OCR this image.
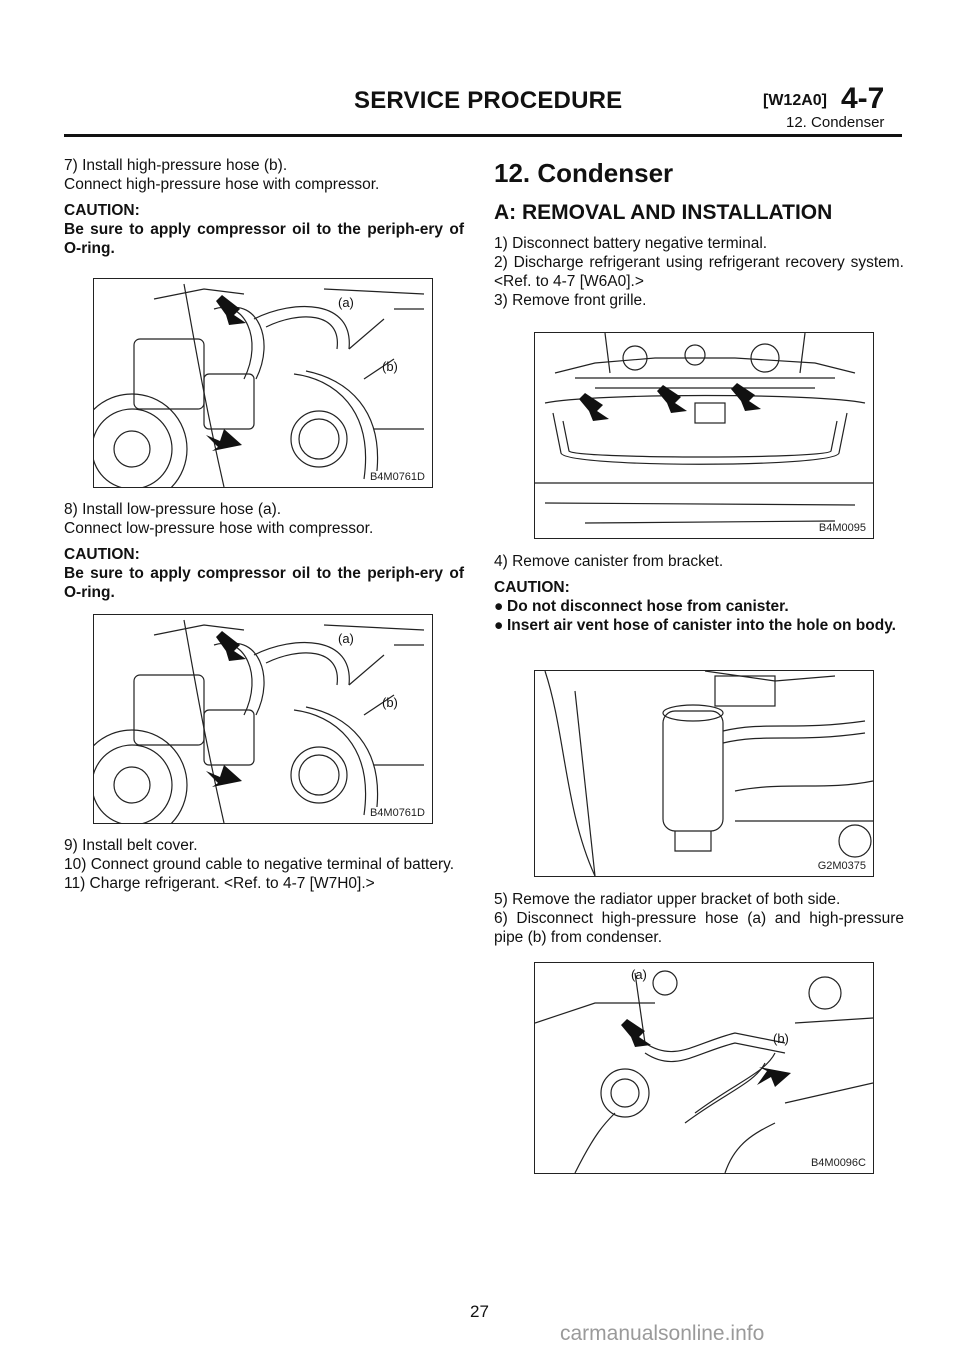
SERVICE PROCEDURE	[W12A0] 4-7
12. Condenser

7) Install high-pressure hose (b).

Connect high-pressure hose with compressor.

CAUTION:

Be sure to apply compressor oil to the periph-ery of O-ring.

(a)
(b)
B4M0761D

8) Install low-pressure hose (a).

Connect low-pressure hose with compressor.

CAUTION:

Be sure to apply compressor oil to the periph-ery of O-ring.

(a)
(b)
B4M0761D

9) Install belt cover.

10) Connect ground cable to negative terminal of battery.

11) Charge refrigerant. <Ref. to 4-7 [W7H0].>

12. Condenser

A: REMOVAL AND INSTALLATION

1) Disconnect battery negative terminal.

2) Discharge refrigerant using refrigerant recovery system. <Ref. to 4-7 [W6A0].>

3) Remove front grille.

B4M0095

4) Remove canister from bracket.

CAUTION:

● Do not disconnect hose from canister.

● Insert air vent hose of canister into the hole on body.

G2M0375

5) Remove the radiator upper bracket of both side.

6) Disconnect high-pressure hose (a) and high-pressure pipe (b) from condenser.

(a)
(b)
B4M0096C
27
carmanualsonline.info
